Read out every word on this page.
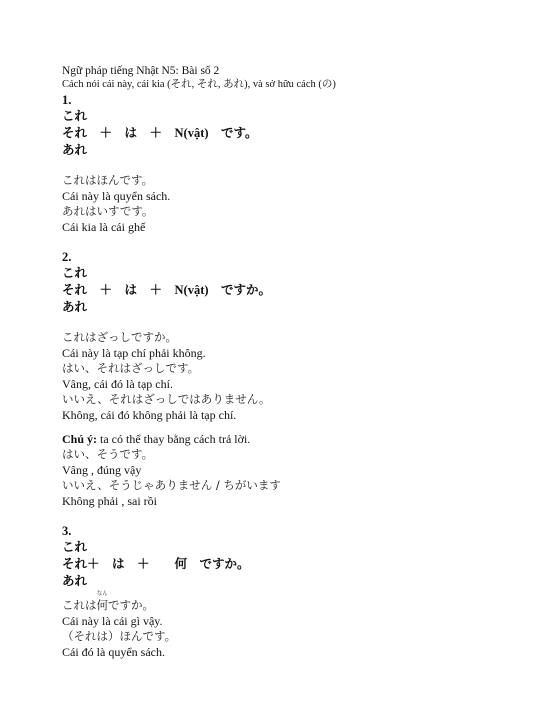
Ngữ pháp tiếng Nhật N5: Bài số 2
Cách nói cái này, cái kia (それ, それ, あれ), và sở hữu cách (の)
1.
これ
それ　＋　は　＋　N(vật)　です。
あれ
これはほんです。
Cái này là quyển sách.
あれはいすです。
Cái kia là cái ghế
2.
これ
それ　＋　は　＋　N(vật)　ですか。
あれ
これはざっしですか。
Cái này là tạp chí phải không.
はい、それはざっしです。
Vâng, cái đó là tạp chí.
いいえ、それはざっしではありません。
Không, cái đó không phải là tạp chí.
Chú ý: ta có thể thay bằng cách trả lời.
はい、そうです。
Vâng , đúng vậy
いいえ、そうじゃありません / ちがいます
Không phải , sai rồi
3.
これ
それ＋　は　＋　　何　ですか。
あれ
これは
なん
何ですか。
Cái này là cái gì vậy.
（それは）ほんです。
Cái đó là quyển sách.
